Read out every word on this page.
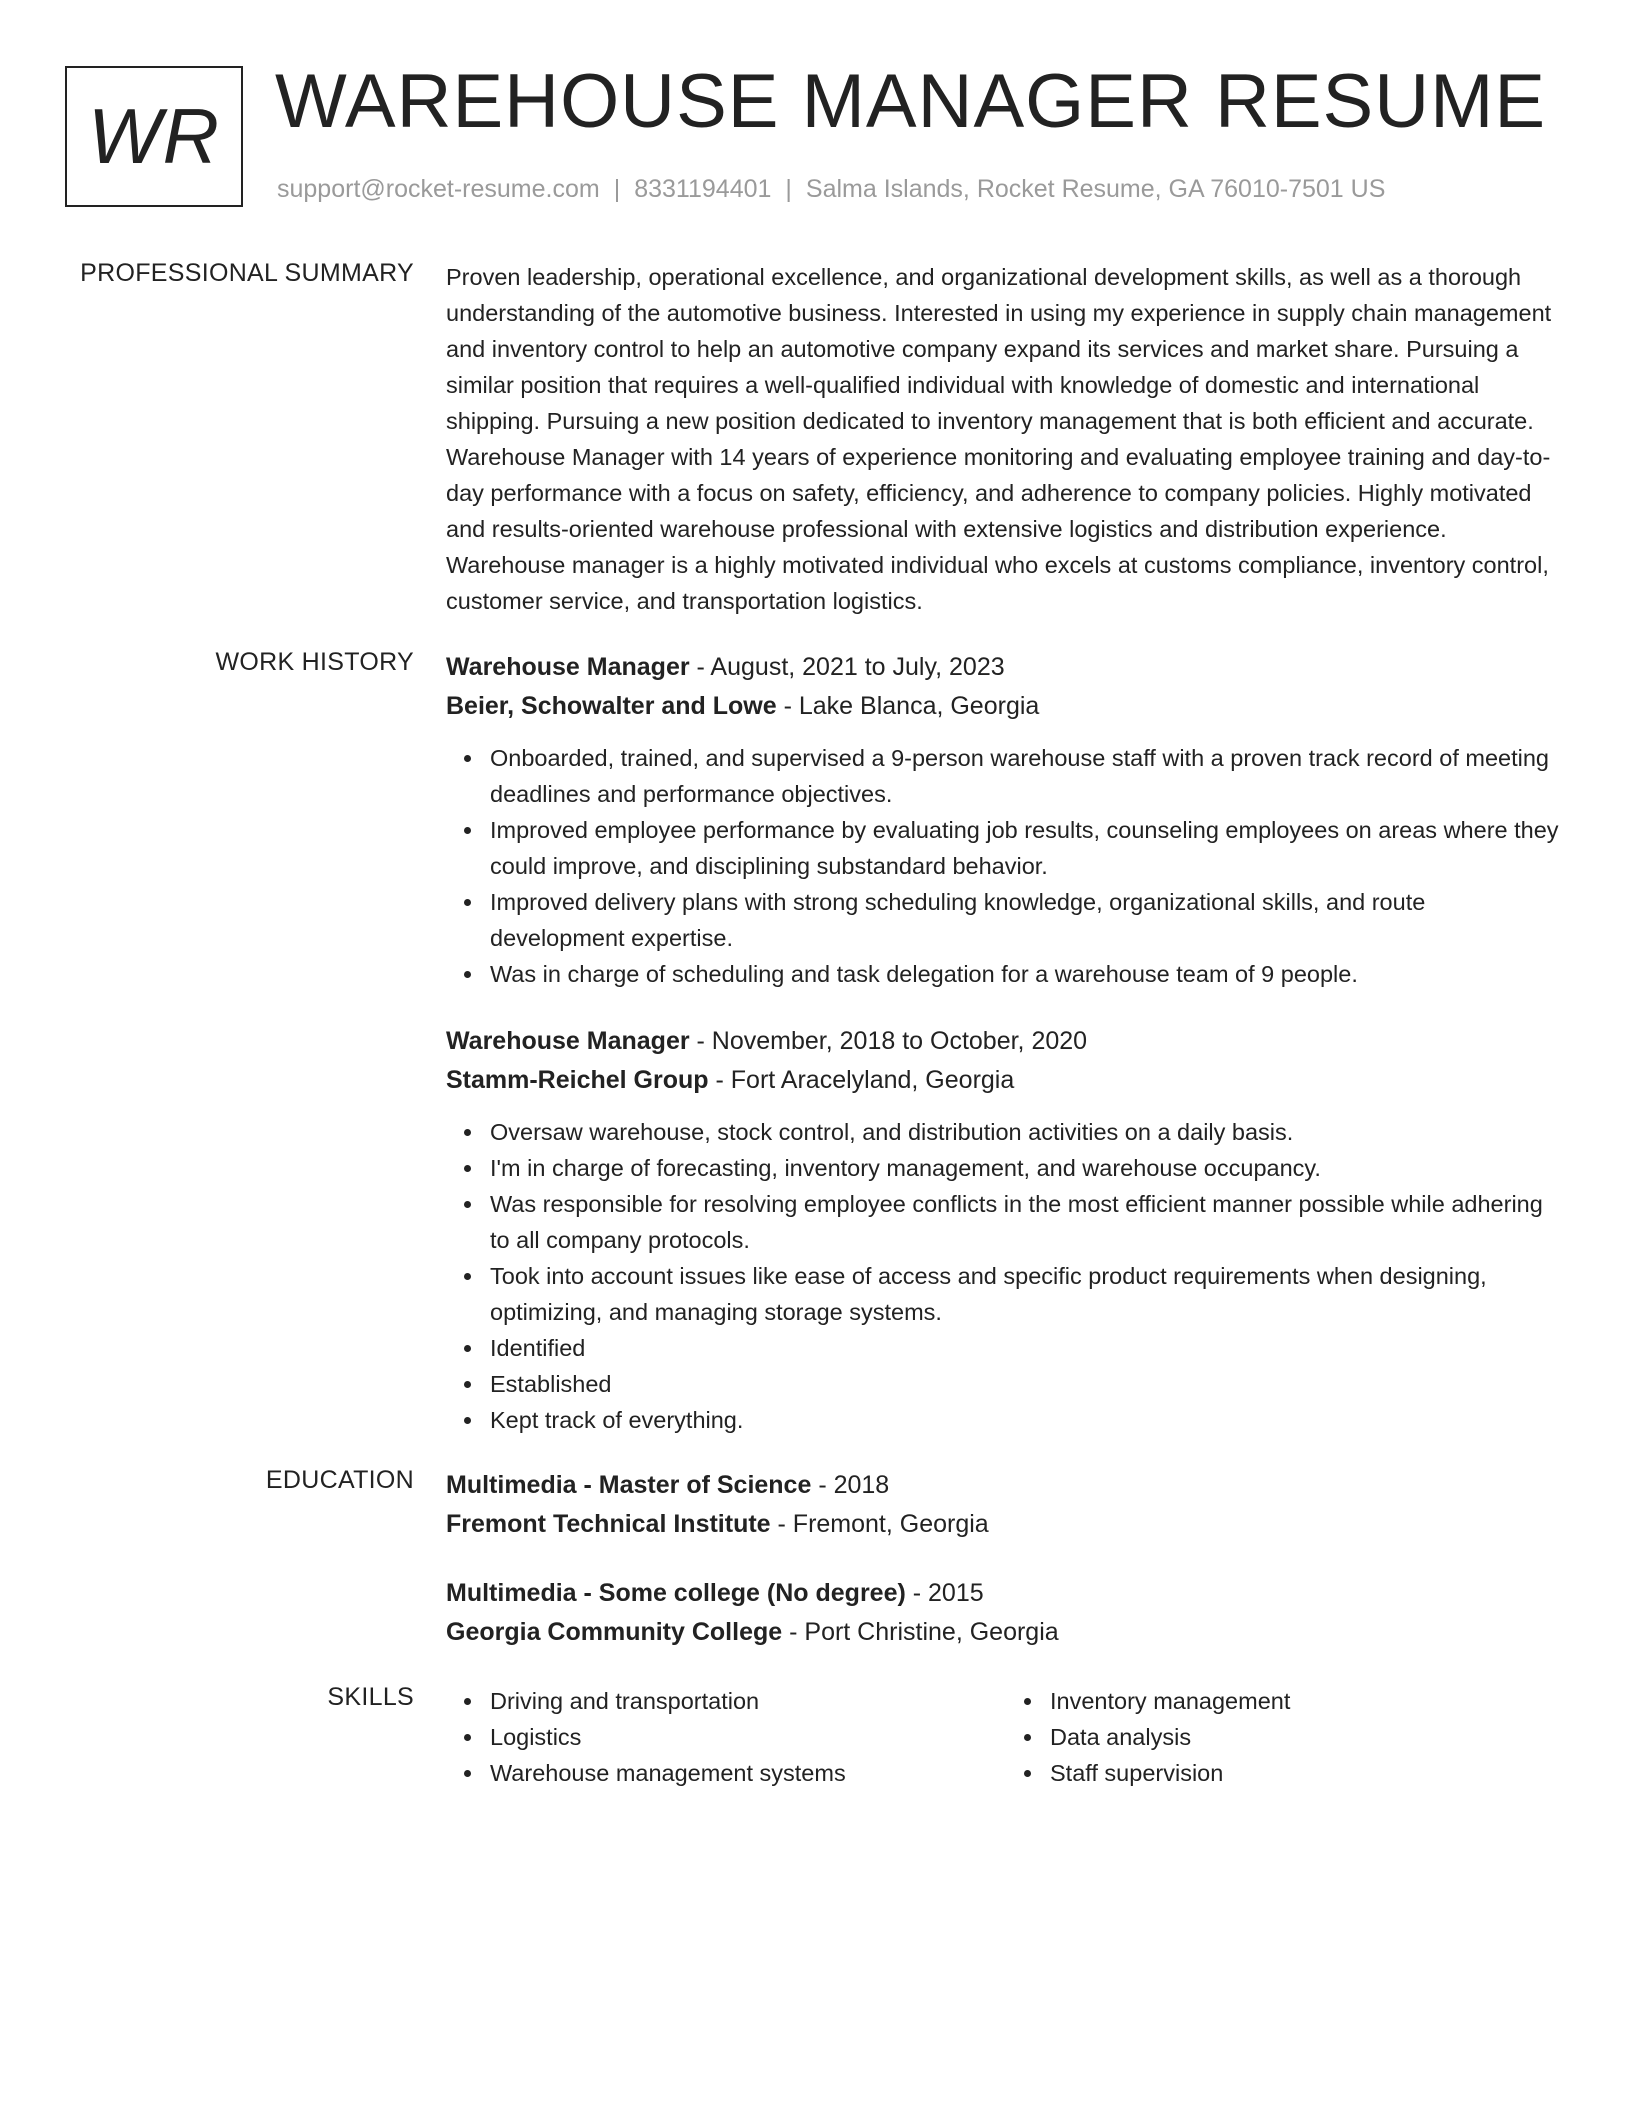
WR WAREHOUSE MANAGER RESUME
support@rocket-resume.com | 8331194401 | Salma Islands, Rocket Resume, GA 76010-7501 US
PROFESSIONAL SUMMARY Proven leadership, operational excellence, and organizational development skills, as well as a thorough understanding of the automotive business. Interested in using my experience in supply chain management and inventory control to help an automotive company expand its services and market share. Pursuing a similar position that requires a well-qualified individual with knowledge of domestic and international shipping. Pursuing a new position dedicated to inventory management that is both efficient and accurate. Warehouse Manager with 14 years of experience monitoring and evaluating employee training and day-to-day performance with a focus on safety, efficiency, and adherence to company policies. Highly motivated and results-oriented warehouse professional with extensive logistics and distribution experience. Warehouse manager is a highly motivated individual who excels at customs compliance, inventory control, customer service, and transportation logistics.

WORK HISTORY Warehouse Manager - August, 2021 to July, 2023

Beier, Schowalter and Lowe - Lake Blanca, Georgia

Onboarded, trained, and supervised a 9-person warehouse staff with a proven track record of meeting deadlines and performance objectives.
Improved employee performance by evaluating job results, counseling employees on areas where they could improve, and disciplining substandard behavior.
Improved delivery plans with strong scheduling knowledge, organizational skills, and route development expertise.
Was in charge of scheduling and task delegation for a warehouse team of 9 people.

Warehouse Manager - November, 2018 to October, 2020

Stamm-Reichel Group - Fort Aracelyland, Georgia

Oversaw warehouse, stock control, and distribution activities on a daily basis.
I'm in charge of forecasting, inventory management, and warehouse occupancy.
Was responsible for resolving employee conflicts in the most efficient manner possible while adhering to all company protocols.
Took into account issues like ease of access and specific product requirements when designing, optimizing, and managing storage systems.
Identified
Established
Kept track of everything.
EDUCATION Multimedia - Master of Science - 2018

Fremont Technical Institute - Fremont, Georgia

Multimedia - Some college (No degree) - 2015

Georgia Community College - Port Christine, Georgia

SKILLS	Driving and transportation
Logistics
Warehouse management systems
Inventory management
Data analysis
Staff supervision
